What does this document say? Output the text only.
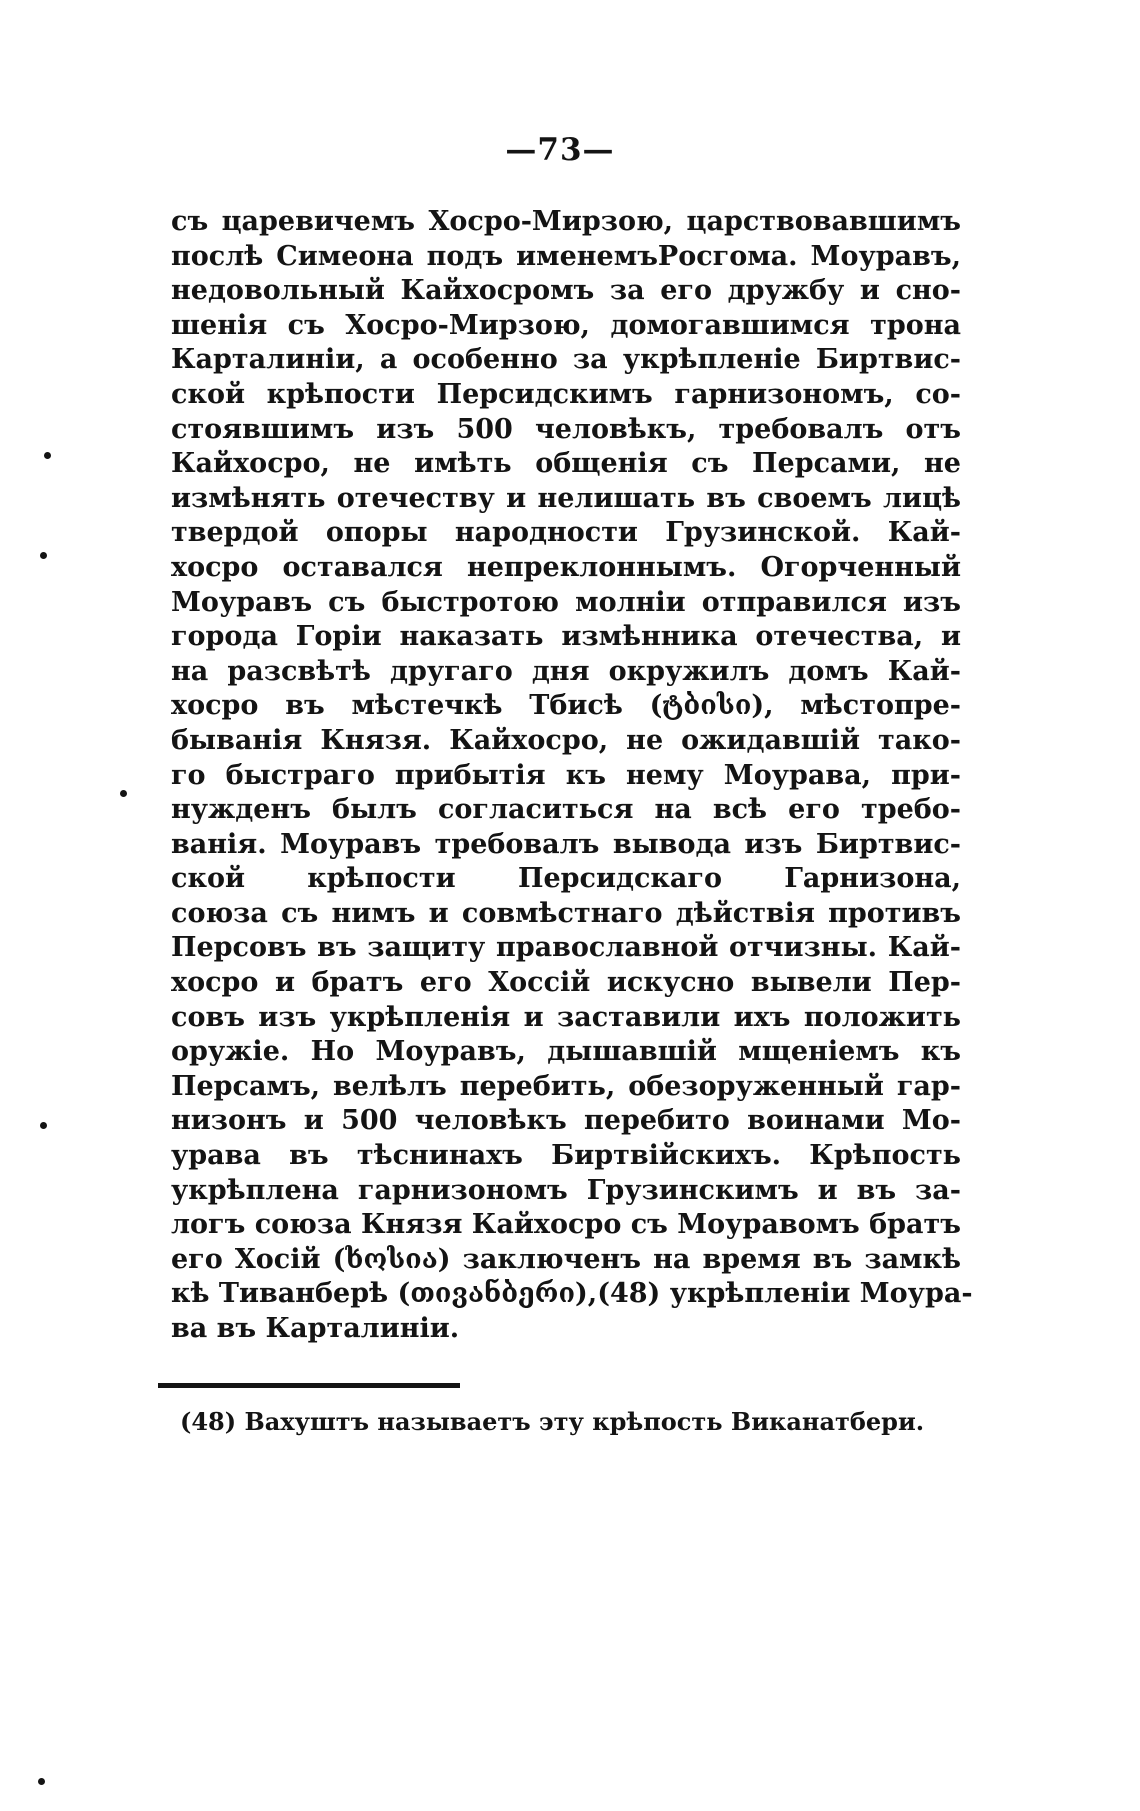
—73—
съ царевичемъ Хосро-Мирзою, царствовавшимъ
послѣ Симеона подъ именемъРосгома. Моуравъ,
недовольный Кайхосромъ за его дружбу и сно-
шенія съ Хосро-Мирзою, домогавшимся трона
Карталиніи, а особенно за укрѣпленіе Биртвис-
ской крѣпости Персидскимъ гарнизономъ, со-
стоявшимъ изъ 500 человѣкъ, требовалъ отъ
Кайхосро, не имѣть общенія съ Персами, не
измѣнять отечеству и нелишать въ своемъ лицѣ
твердой опоры народности Грузинской. Кай-
хосро оставался непреклоннымъ. Огорченный
Моуравъ съ быстротою молніи отправился изъ
города Горіи наказать измѣнника отечества, и
на разсвѣтѣ другаго дня окружилъ домъ Кай-
хосро въ мѣстечкѣ Тбисѣ (ტბისი), мѣстопре-
быванія Князя. Кайхосро, не ожидавшій тако-
го быстраго прибытія къ нему Моурава, при-
нужденъ былъ согласиться на всѣ его требо-
ванія. Моуравъ требовалъ вывода изъ Биртвис-
ской крѣпости Персидскаго Гарнизона,
союза съ нимъ и совмѣстнаго дѣйствія противъ
Персовъ въ защиту православной отчизны. Кай-
хосро и братъ его Хоссій искусно вывели Пер-
совъ изъ укрѣпленія и заставили ихъ положить
оружіе. Но Моуравъ, дышавшій мщеніемъ къ
Персамъ, велѣлъ перебить, обезоруженный гар-
низонъ и 500 человѣкъ перебито воинами Мо-
урава въ тѣснинахъ Биртвійскихъ. Крѣпость
укрѣплена гарнизономъ Грузинскимъ и въ за-
логъ союза Князя Кайхосро съ Моуравомъ братъ
его Хосій (ხოსია) заключенъ на время въ замкѣ
кѣ Тиванберѣ (თივანბერი),(48) укрѣпленіи Моура-
ва въ Карталиніи.
(48) Вахуштъ называетъ эту крѣпость Виканатбери.
